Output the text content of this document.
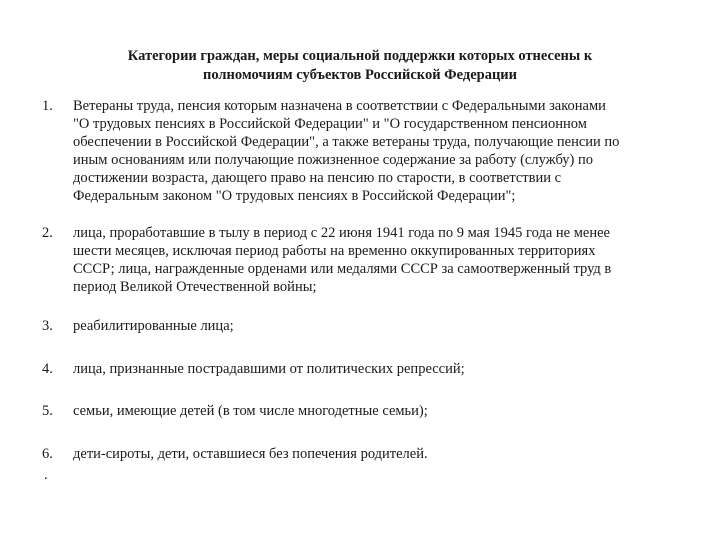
Категории граждан, меры социальной поддержки которых отнесены к
полномочиям субъектов Российской Федерации
1.	Ветераны труда, пенсия которым назначена в соответствии с Федеральными законами
"О трудовых пенсиях в Российской Федерации" и "О государственном пенсионном
обеспечении в Российской Федерации", а также ветераны труда, получающие пенсии по
иным основаниям или получающие пожизненное содержание за работу (службу) по
достижении возраста, дающего право на пенсию по старости, в соответствии с
Федеральным законом "О трудовых пенсиях в Российской Федерации";
2.	лица, проработавшие в тылу в период с 22 июня 1941 года по 9 мая 1945 года не менее
шести месяцев, исключая период работы на временно оккупированных территориях
СССР; лица, награжденные орденами или медалями СССР за самоотверженный труд в
период Великой Отечественной войны;
3.	реабилитированные лица;
4.	лица, признанные пострадавшими от политических репрессий;
5.	семьи, имеющие детей (в том числе многодетные семьи);
6.	дети-сироты, дети, оставшиеся без попечения родителей.
.
